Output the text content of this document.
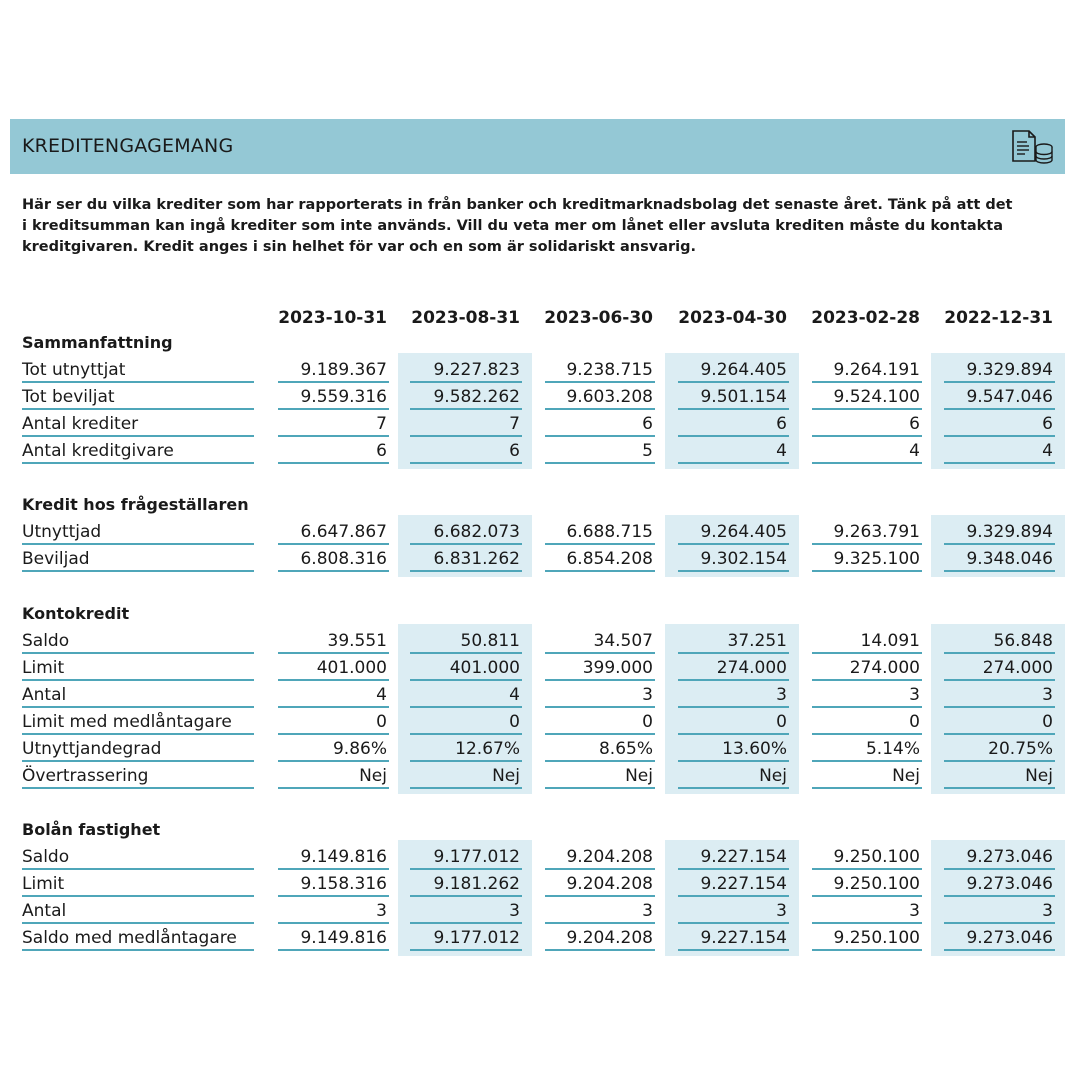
KREDITENGAGEMANG
Här ser du vilka krediter som har rapporterats in från banker och kreditmarknadsbolag det senaste året. Tänk på att det i kreditsumman kan ingå krediter som inte används. Vill du veta mer om lånet eller avsluta krediten måste du kontakta kreditgivaren. Kredit anges i sin helhet för var och en som är solidariskt ansvarig.
2023-10-31	2023-08-31	2023-06-30	2023-04-30	2023-02-28	2022-12-31
Sammanfattning
Tot utnyttjat	9.189.367	9.227.823	9.238.715	9.264.405	9.264.191	9.329.894
Tot beviljat	9.559.316	9.582.262	9.603.208	9.501.154	9.524.100	9.547.046
Antal krediter	7	7	6	6	6	6
Antal kreditgivare	6	6	5	4	4	4
Kredit hos frågeställaren
Utnyttjad	6.647.867	6.682.073	6.688.715	9.264.405	9.263.791	9.329.894
Beviljad	6.808.316	6.831.262	6.854.208	9.302.154	9.325.100	9.348.046
Kontokredit
Saldo	39.551	50.811	34.507	37.251	14.091	56.848
Limit	401.000	401.000	399.000	274.000	274.000	274.000
Antal	4	4	3	3	3	3
Limit med medlåntagare	0	0	0	0	0	0
Utnyttjandegrad	9.86%	12.67%	8.65%	13.60%	5.14%	20.75%
Övertrassering	Nej	Nej	Nej	Nej	Nej	Nej
Bolån fastighet
Saldo	9.149.816	9.177.012	9.204.208	9.227.154	9.250.100	9.273.046
Limit	9.158.316	9.181.262	9.204.208	9.227.154	9.250.100	9.273.046
Antal	3	3	3	3	3	3
Saldo med medlåntagare	9.149.816	9.177.012	9.204.208	9.227.154	9.250.100	9.273.046
